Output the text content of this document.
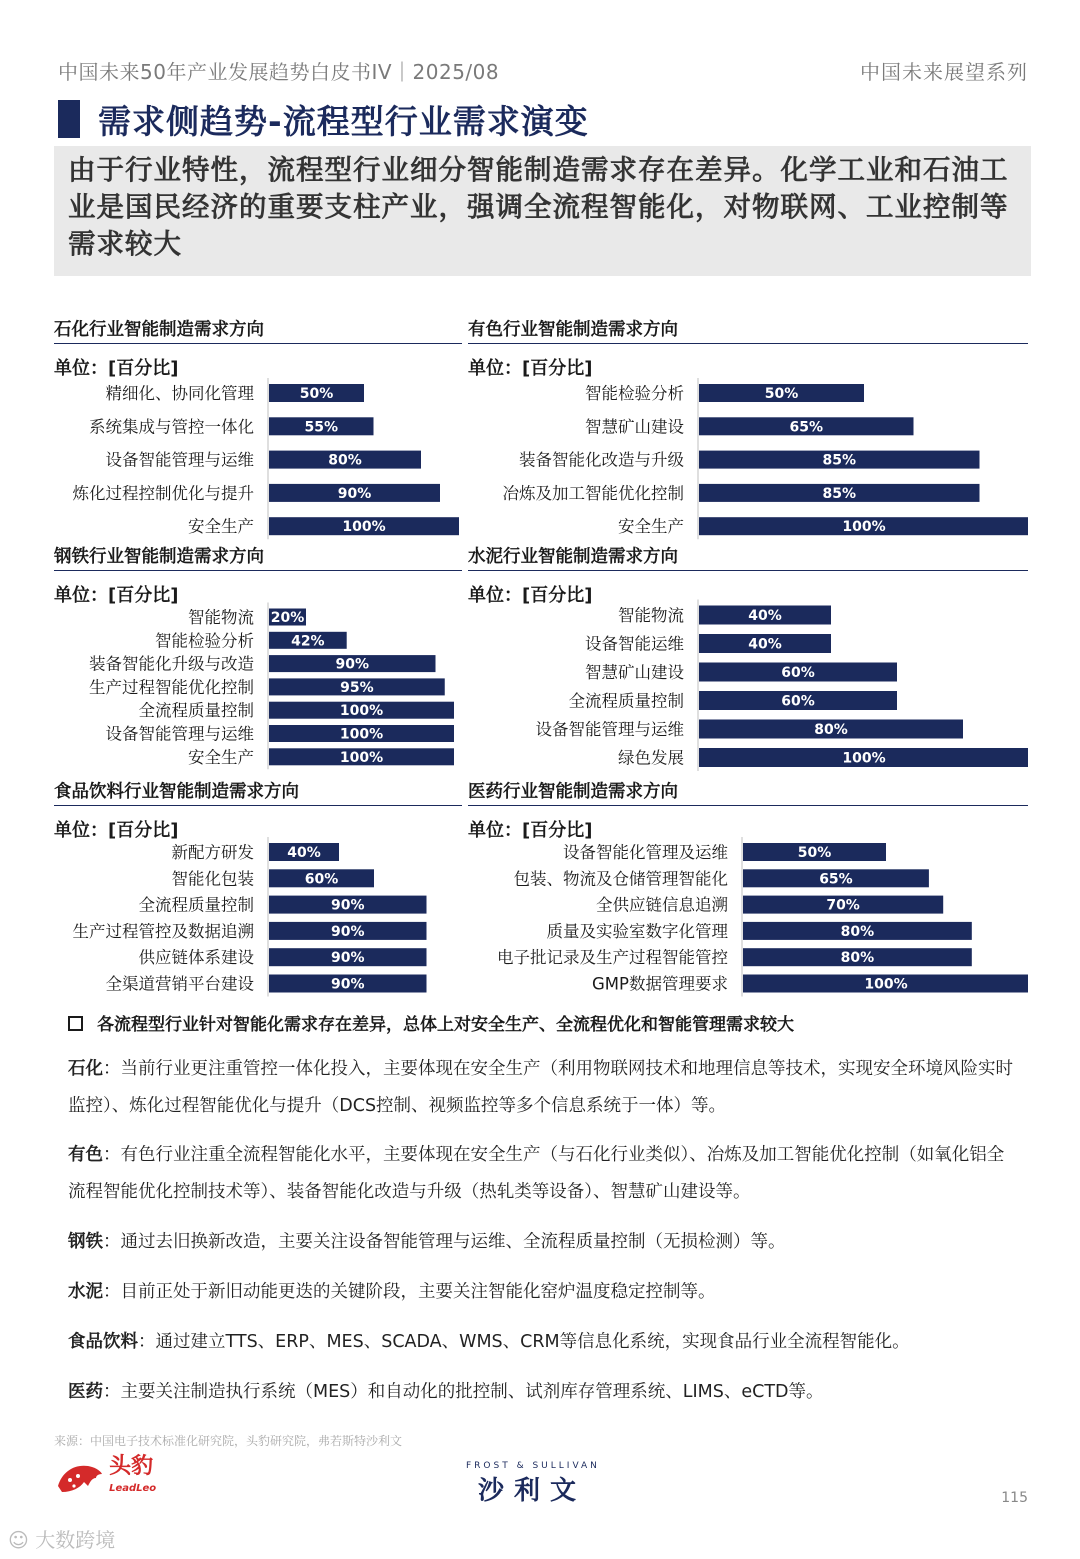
中国未来50年产业发展趋势白皮书IV｜2025/08	中国未来展望系列
需求侧趋势-流程型行业需求演变
由于行业特性，流程型行业细分智能制造需求存在差异。化学工业和石油工业是国民经济的重要支柱产业，强调全流程智能化，对物联网、工业控制等需求较大
石化行业智能制造需求方向
单位：[百分比]
精细化、协同化管理	50%
系统集成与管控一体化	55%
设备智能管理与运维	80%
炼化过程控制优化与提升	90%
安全生产	100%
有色行业智能制造需求方向
单位：[百分比]
智能检验分析	50%
智慧矿山建设	65%
装备智能化改造与升级	85%
冶炼及加工智能优化控制	85%
安全生产	100%
钢铁行业智能制造需求方向
单位：[百分比]
智能物流 20%
智能检验分析	42%
装备智能化升级与改造	90%
生产过程智能优化控制	95%
全流程质量控制	100%
设备智能管理与运维	100%
安全生产	100%
水泥行业智能制造需求方向
单位：[百分比]
智能物流	40%
设备智能运维	40%
智慧矿山建设	60%
全流程质量控制	60%
设备智能管理与运维	80%
绿色发展	100%
食品饮料行业智能制造需求方向
单位：[百分比]
新配方研发 40%
智能化包装	60%
全流程质量控制	90%
生产过程管控及数据追溯	90%
供应链体系建设	90%
全渠道营销平台建设	90%
医药行业智能制造需求方向
单位：[百分比]
设备智能化管理及运维	50%
包装、物流及仓储管理智能化	65%
全供应链信息追溯	70%
质量及实验室数字化管理	80%
电子批记录及生产过程智能管控	80%
GMP数据管理要求	100%
各流程型行业针对智能化需求存在差异，总体上对安全生产、全流程优化和智能管理需求较大
石化：当前行业更注重管控一体化投入，主要体现在安全生产（利用物联网技术和地理信息等技术，实现安全环境风险实时监控）、炼化过程智能优化与提升（DCS控制、视频监控等多个信息系统于一体）等。
有色：有色行业注重全流程智能化水平，主要体现在安全生产（与石化行业类似）、冶炼及加工智能优化控制（如氧化铝全流程智能优化控制技术等）、装备智能化改造与升级（热轧类等设备）、智慧矿山建设等。
钢铁：通过去旧换新改造，主要关注设备智能管理与运维、全流程质量控制（无损检测）等。
水泥：目前正处于新旧动能更迭的关键阶段，主要关注智能化窑炉温度稳定控制等。
食品饮料：通过建立TTS、ERP、MES、SCADA、WMS、CRM等信息化系统，实现食品行业全流程智能化。
医药：主要关注制造执行系统（MES）和自动化的批控制、试剂库存管理系统、LIMS、eCTD等。
来源：中国电子技术标准化研究院，头豹研究院，弗若斯特沙利文
头豹
LeadLeo
FROST & SULLIVAN
沙利文	115
☺ 大数跨境
